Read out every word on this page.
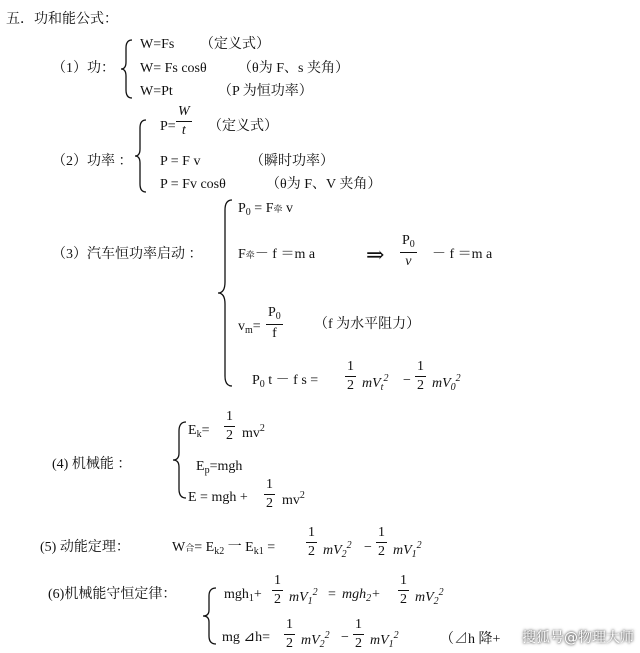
五．功和能公式：
（1）功：
W=Fs （定义式）
W= Fs cosθ （θ为 F、s 夹角）
W=Pt	（P 为恒功率）
（2）功率 ：
P=
W
t （定义式）
P = F v	（瞬时功率）
P = Fv cosθ	（θ为 F、V 夹角）
（3）汽车恒功率启动 ：
$P_0 = F$牵 v
F牵－ f ＝m a ⇒
$P_0$
v － f ＝m a
$v_m=$
$P_0$
f
（f 为水平阻力）
$P_0$ t － f s =
1
2 $mV_t^2$ −
1
2 $mV_0^2$
(4) 机械能 ：
$E_k=$
1
2 $mv^2$
$E_p=mgh$
E = mgh +
1
2 $mv^2$
(5) 动能定理：	W合= $E_{k2}$ 一 $E_{k1}$ =
1
2 $mV_2^2$ −
1
2 $mV_1^2$
(6)机械能守恒定律：	mgh$_1$+
1
2 $mV_1^2 = mgh_2+$
1
2 $mV_2^2$
mg ⊿h=
1
2 $mV_2^2$ −
1
2 $mV_1^2$	（⊿h 降+ 搜狐号@物理大师
